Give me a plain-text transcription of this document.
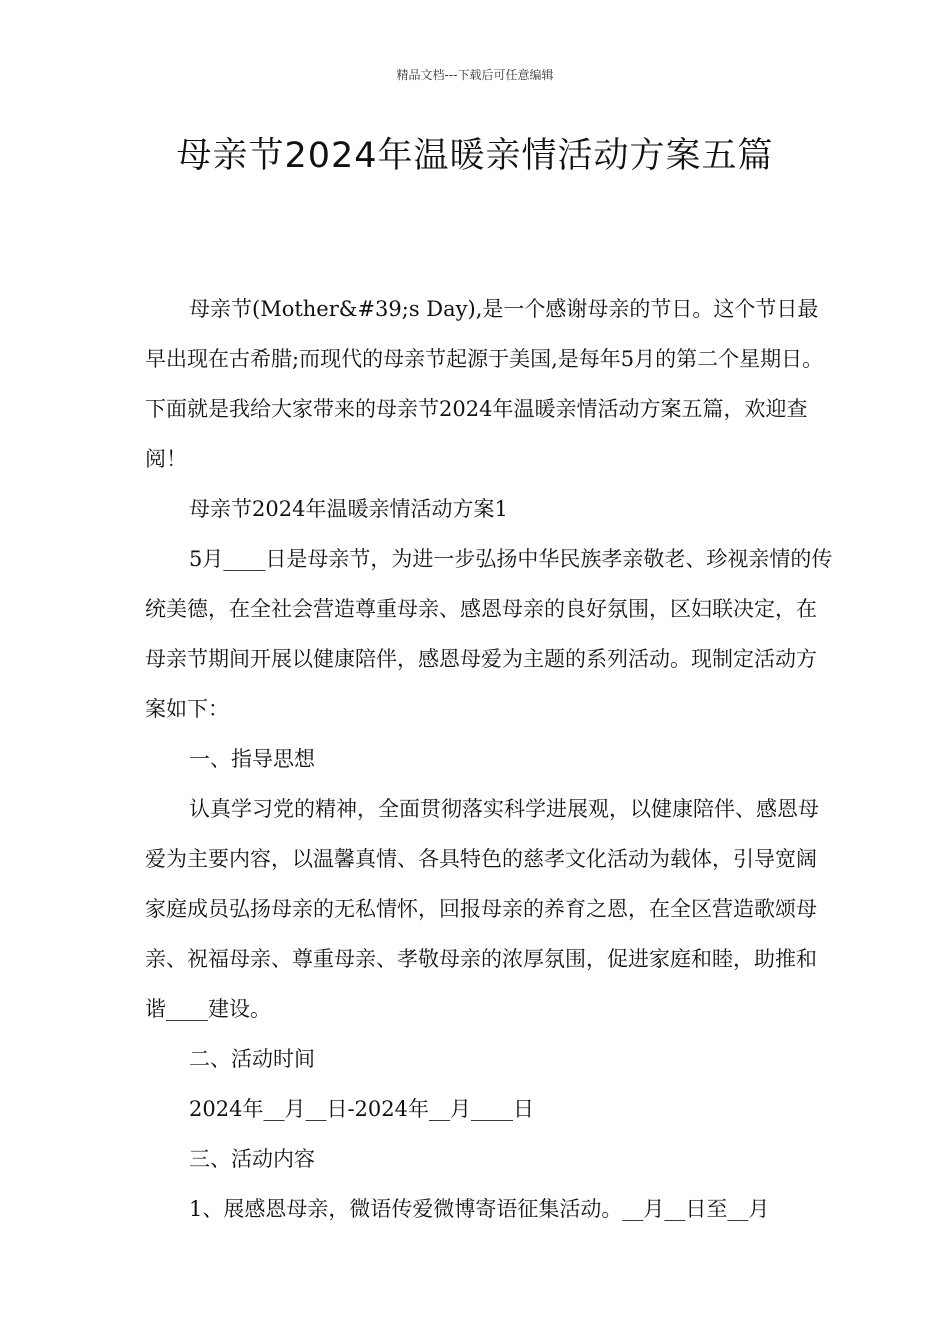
精品文档---下载后可任意编辑
母亲节2024年温暖亲情活动方案五篇

母亲节(Mother&#39;s Day),是一个感谢母亲的节日。这个节日最早出现在古希腊;而现代的母亲节起源于美国,是每年5月的第二个星期日。下面就是我给大家带来的母亲节2024年温暖亲情活动方案五篇，欢迎查阅！

母亲节2024年温暖亲情活动方案1

5月____日是母亲节，为进一步弘扬中华民族孝亲敬老、珍视亲情的传统美德，在全社会营造尊重母亲、感恩母亲的良好氛围，区妇联决定，在母亲节期间开展以健康陪伴，感恩母爱为主题的系列活动。现制定活动方案如下：

一、指导思想

认真学习党的精神，全面贯彻落实科学进展观，以健康陪伴、感恩母爱为主要内容，以温馨真情、各具特色的慈孝文化活动为载体，引导宽阔家庭成员弘扬母亲的无私情怀，回报母亲的养育之恩，在全区营造歌颂母亲、祝福母亲、尊重母亲、孝敬母亲的浓厚氛围，促进家庭和睦，助推和谐____建设。

二、活动时间

2024年__月__日-2024年__月____日

三、活动内容

1、展感恩母亲，微语传爱微博寄语征集活动。__月__日至__月
